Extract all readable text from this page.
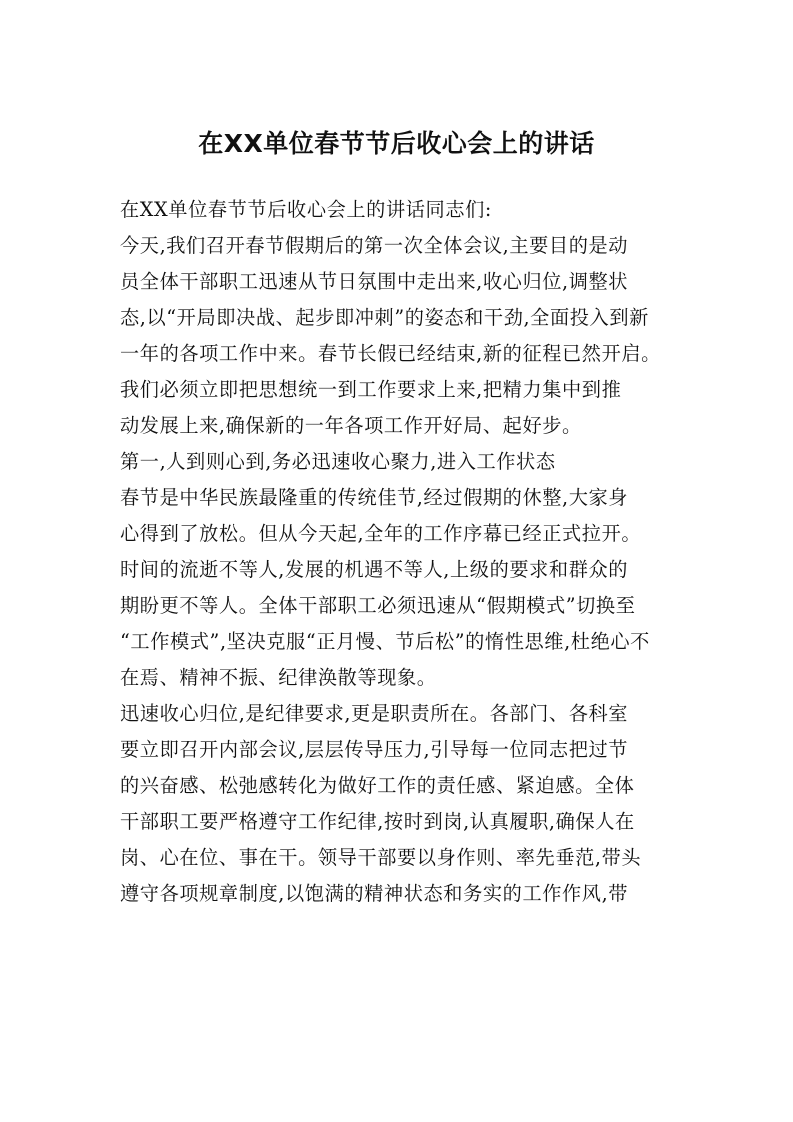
在XX单位春节节后收心会上的讲话
在XX单位春节节后收心会上的讲话同志们:
今天,我们召开春节假期后的第一次全体会议,主要目的是动
员全体干部职工迅速从节日氛围中走出来,收心归位,调整状
态,以“开局即决战、起步即冲刺”的姿态和干劲,全面投入到新
一年的各项工作中来。春节长假已经结束,新的征程已然开启。
我们必须立即把思想统一到工作要求上来,把精力集中到推
动发展上来,确保新的一年各项工作开好局、起好步。
第一,人到则心到,务必迅速收心聚力,进入工作状态
春节是中华民族最隆重的传统佳节,经过假期的休整,大家身
心得到了放松。但从今天起,全年的工作序幕已经正式拉开。
时间的流逝不等人,发展的机遇不等人,上级的要求和群众的
期盼更不等人。全体干部职工必须迅速从“假期模式”切换至
“工作模式”,坚决克服“正月慢、节后松”的惰性思维,杜绝心不
在焉、精神不振、纪律涣散等现象。
迅速收心归位,是纪律要求,更是职责所在。各部门、各科室
要立即召开内部会议,层层传导压力,引导每一位同志把过节
的兴奋感、松弛感转化为做好工作的责任感、紧迫感。全体
干部职工要严格遵守工作纪律,按时到岗,认真履职,确保人在
岗、心在位、事在干。领导干部要以身作则、率先垂范,带头
遵守各项规章制度,以饱满的精神状态和务实的工作作风,带
